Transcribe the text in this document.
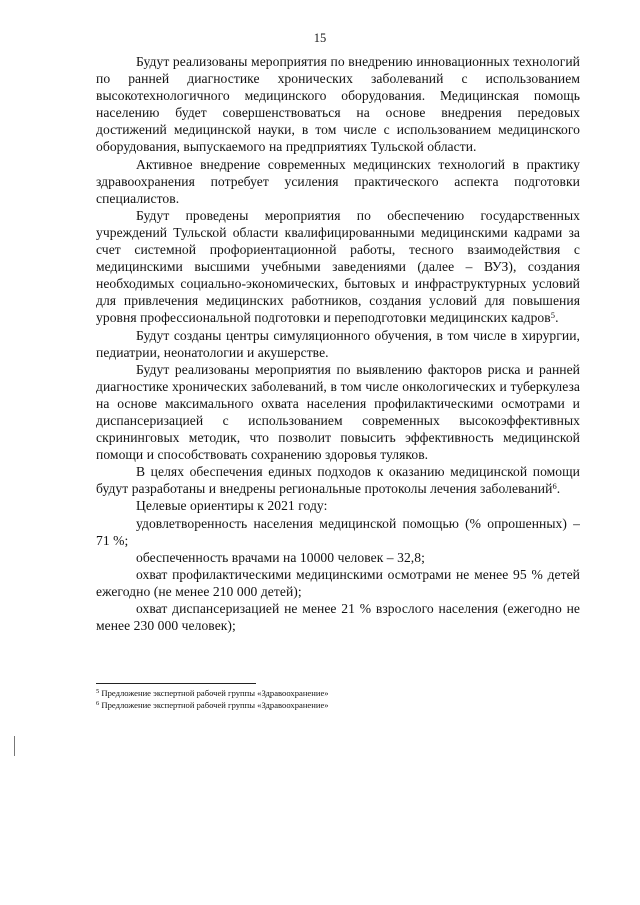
15

Будут реализованы мероприятия по внедрению инновационных технологий по ранней диагностике хронических заболеваний с использованием высокотехнологичного медицинского оборудования. Медицинская помощь населению будет совершенствоваться на основе внедрения передовых достижений медицинской науки, в том числе с использованием медицинского оборудования, выпускаемого на предприятиях Тульской области.

Активное внедрение современных медицинских технологий в практику здравоохранения потребует усиления практического аспекта подготовки специалистов.

Будут проведены мероприятия по обеспечению государственных учреждений Тульской области квалифицированными медицинскими кадрами за счет системной профориентационной работы, тесного взаимодействия с медицинскими высшими учебными заведениями (далее – ВУЗ), создания необходимых социально-экономических, бытовых и инфраструктурных условий для привлечения медицинских работников, создания условий для повышения уровня профессиональной подготовки и переподготовки медицинских кадров$^5$.

Будут созданы центры симуляционного обучения, в том числе в хирургии, педиатрии, неонатологии и акушерстве.

Будут реализованы мероприятия по выявлению факторов риска и ранней диагностике хронических заболеваний, в том числе онкологических и туберкулеза на основе максимального охвата населения профилактическими осмотрами и диспансеризацией с использованием современных высокоэффективных скрининговых методик, что позволит повысить эффективность медицинской помощи и способствовать сохранению здоровья туляков.

В целях обеспечения единых подходов к оказанию медицинской помощи будут разработаны и внедрены региональные протоколы лечения заболеваний$^6$.

Целевые ориентиры к 2021 году:

удовлетворенность населения медицинской помощью (% опрошенных) – 71 %;

обеспеченность врачами на 10000 человек – 32,8;

охват профилактическими медицинскими осмотрами не менее 95 % детей ежегодно (не менее 210 000 детей);

охват диспансеризацией не менее 21 % взрослого населения (ежегодно не менее 230 000 человек);

$^5$ Предложение экспертной рабочей группы «Здравоохранение»

$^6$ Предложение экспертной рабочей группы «Здравоохранение»
